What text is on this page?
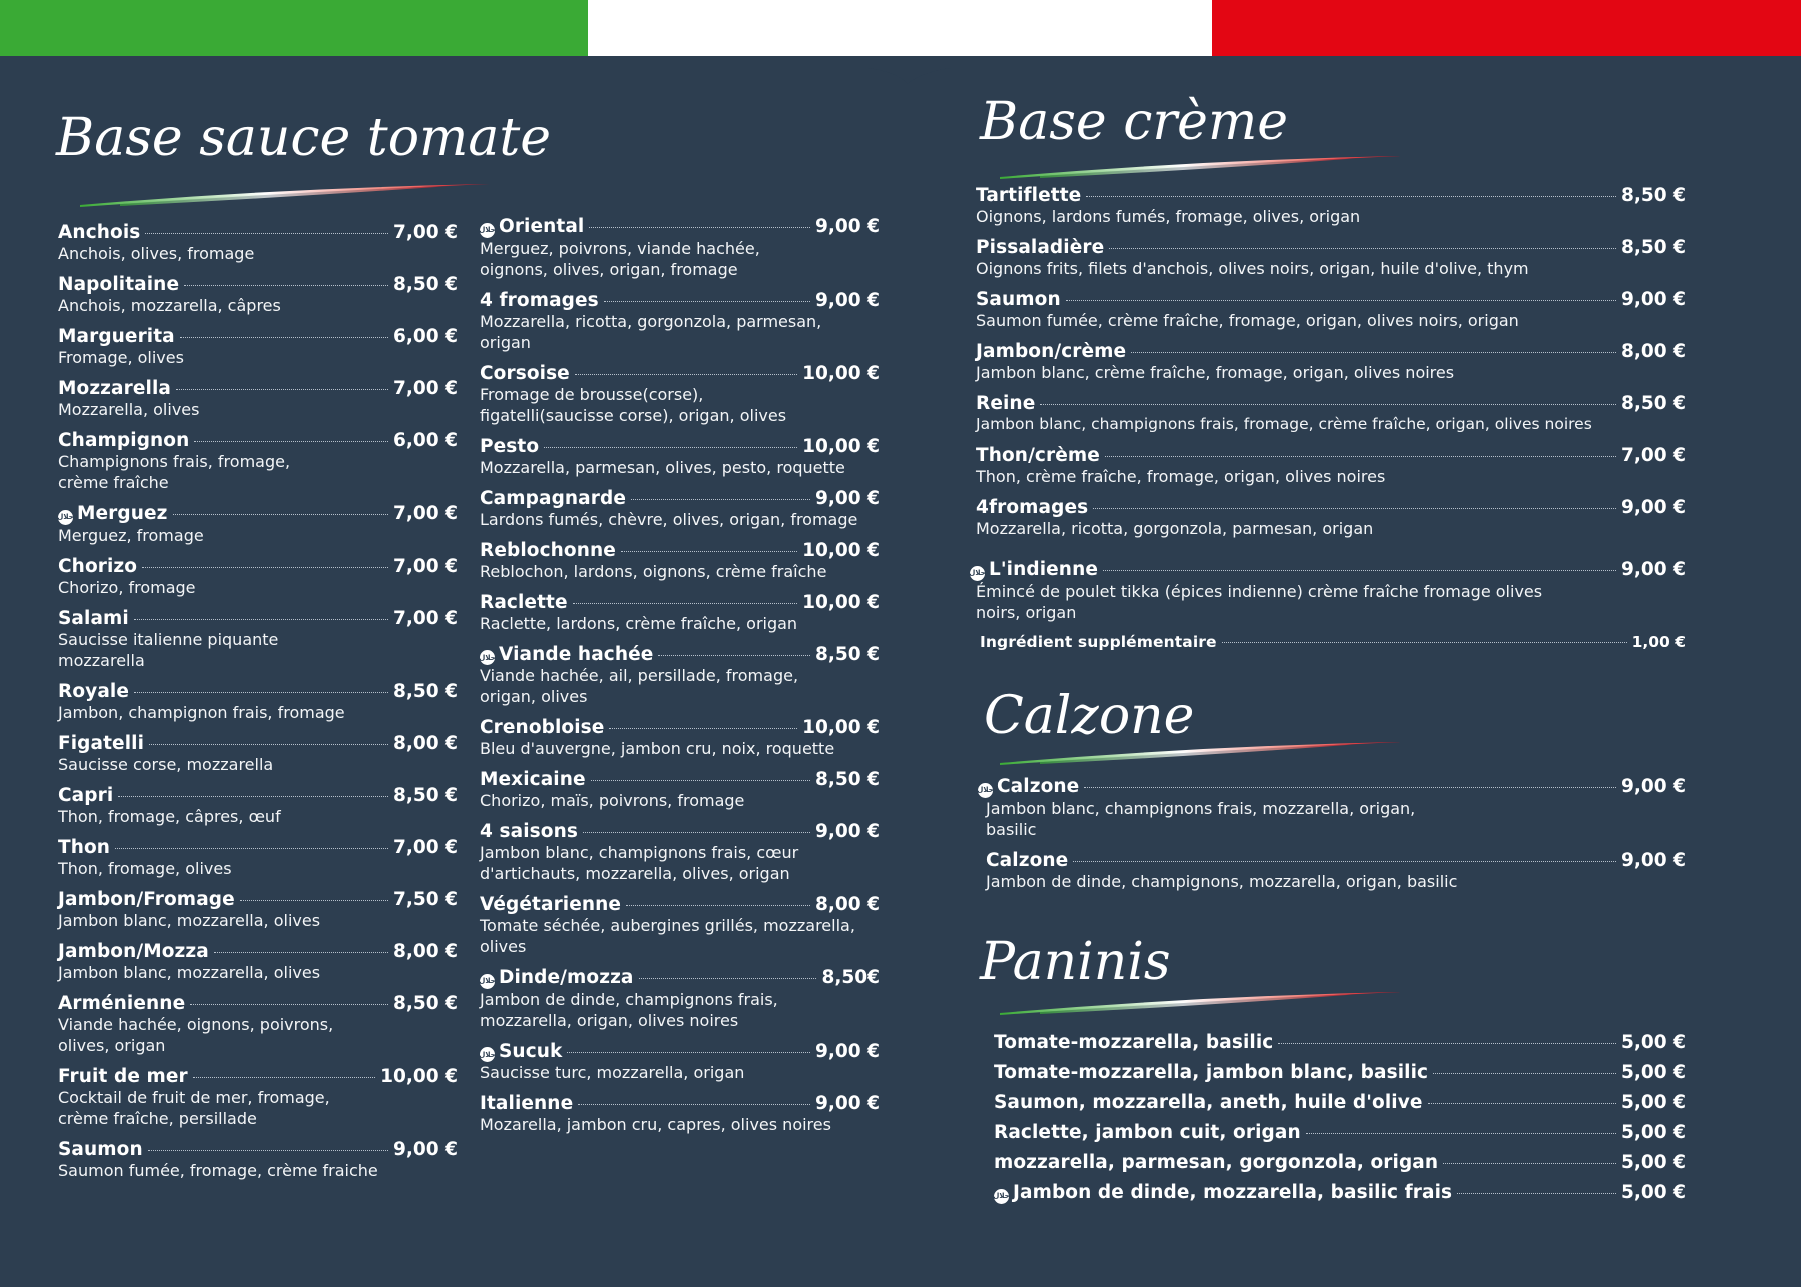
Base sauce tomate	Base crème
Calzone
Paninis
Anchois	7,00 €
Anchois, olives, fromage
Napolitaine	8,50 €
Anchois, mozzarella, câpres
Marguerita	6,00 €
Fromage, olives
Mozzarella	7,00 €
Mozzarella, olives
Champignon	6,00 €
Champignons frais, fromage, crème fraîche
حلال Merguez	7,00 €
Merguez, fromage
Chorizo	7,00 €
Chorizo, fromage
Salami	7,00 €
Saucisse italienne piquante mozzarella
Royale	8,50 €
Jambon, champignon frais, fromage
Figatelli	8,00 €
Saucisse corse, mozzarella
Capri	8,50 €
Thon, fromage, câpres, œuf
Thon	7,00 €
Thon, fromage, olives
Jambon/Fromage	7,50 €
Jambon blanc, mozzarella, olives
Jambon/Mozza	8,00 €
Jambon blanc, mozzarella, olives
Arménienne	8,50 €
Viande hachée, oignons, poivrons, olives, origan
Fruit de mer	10,00 €
Cocktail de fruit de mer, fromage, crème fraîche, persillade
Saumon	9,00 €
Saumon fumée, fromage, crème fraiche
حلال Oriental	9,00 €
Merguez, poivrons, viande hachée, oignons, olives, origan, fromage
4 fromages	9,00 €
Mozzarella, ricotta, gorgonzola, parmesan, origan
Corsoise	10,00 €
Fromage de brousse(corse), figatelli(saucisse corse), origan, olives
Pesto	10,00 €
Mozzarella, parmesan, olives, pesto, roquette
Campagnarde	9,00 €
Lardons fumés, chèvre, olives, origan, fromage
Reblochonne	10,00 €
Reblochon, lardons, oignons, crème fraîche
Raclette	10,00 €
Raclette, lardons, crème fraîche, origan
حلال Viande hachée	8,50 €
Viande hachée, ail, persillade, fromage, origan, olives
Crenobloise	10,00 €
Bleu d'auvergne, jambon cru, noix, roquette
Mexicaine	8,50 €
Chorizo, maïs, poivrons, fromage
4 saisons	9,00 €
Jambon blanc, champignons frais, cœur d'artichauts, mozzarella, olives, origan
Végétarienne	8,00 €
Tomate séchée, aubergines grillés, mozzarella, olives
حلال Dinde/mozza	8,50€
Jambon de dinde, champignons frais, mozzarella, origan, olives noires
حلال Sucuk	9,00 €
Saucisse turc, mozzarella, origan
Italienne	9,00 €
Mozarella, jambon cru, capres, olives noires
Tartiflette	8,50 €
Oignons, lardons fumés, fromage, olives, origan
Pissaladière	8,50 €
Oignons frits, filets d'anchois, olives noirs, origan, huile d'olive, thym
Saumon	9,00 €
Saumon fumée, crème fraîche, fromage, origan, olives noirs, origan
Jambon/crème	8,00 €
Jambon blanc, crème fraîche, fromage, origan, olives noires
Reine	8,50 €
Jambon blanc, champignons frais, fromage, crème fraîche, origan, olives noires
Thon/crème	7,00 €
Thon, crème fraîche, fromage, origan, olives noires
4fromages	9,00 €
Mozzarella, ricotta, gorgonzola, parmesan, origan
حلال L'indienne	9,00 €
Émincé de poulet tikka (épices indienne) crème fraîche fromage olives noirs, origan
Ingrédient supplémentaire	1,00 €
حلال Calzone	9,00 €
Jambon blanc, champignons frais, mozzarella, origan, basilic
Calzone	9,00 €
Jambon de dinde, champignons, mozzarella, origan, basilic
Tomate-mozzarella, basilic	5,00 €
Tomate-mozzarella, jambon blanc, basilic	5,00 €
Saumon, mozzarella, aneth, huile d'olive	5,00 €
Raclette, jambon cuit, origan	5,00 €
mozzarella, parmesan, gorgonzola, origan	5,00 €
حلال Jambon de dinde, mozzarella, basilic frais	5,00 €
